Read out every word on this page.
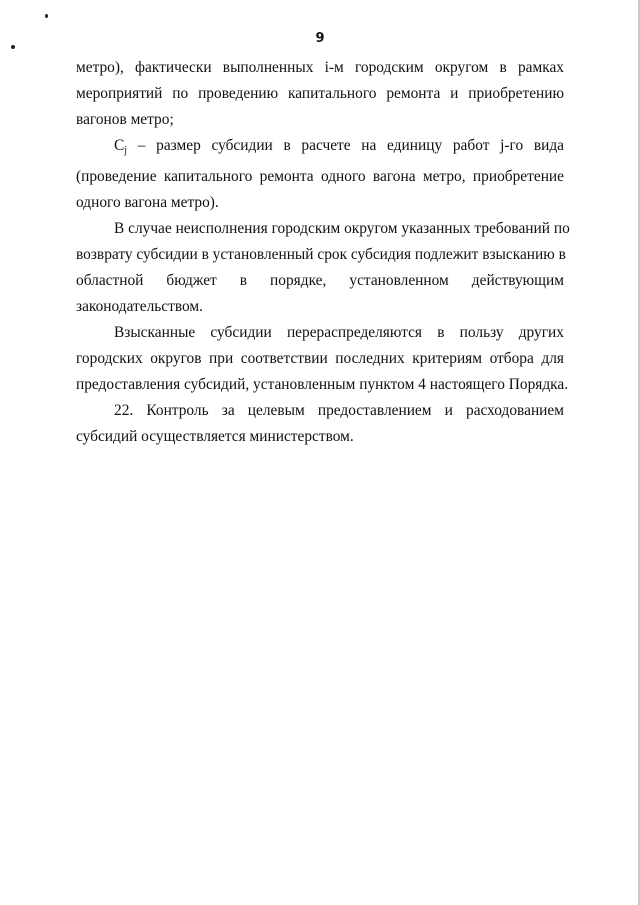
9

метро), фактически выполненных i-м городским округом в рамках
мероприятий по проведению капитального ремонта и приобретению
вагонов метро;

$C_j$ – размер субсидии в расчете на единицу работ j-го вида
(проведение капитального ремонта одного вагона метро, приобретение
одного вагона метро).

В случае неисполнения городским округом указанных требований по
возврату субсидии в установленный срок субсидия подлежит взысканию в
областной бюджет в порядке, установленном действующим
законодательством.

Взысканные субсидии перераспределяются в пользу других
городских округов при соответствии последних критериям отбора для
предоставления субсидий, установленным пунктом 4 настоящего Порядка.

22. Контроль за целевым предоставлением и расходованием
субсидий осуществляется министерством.
